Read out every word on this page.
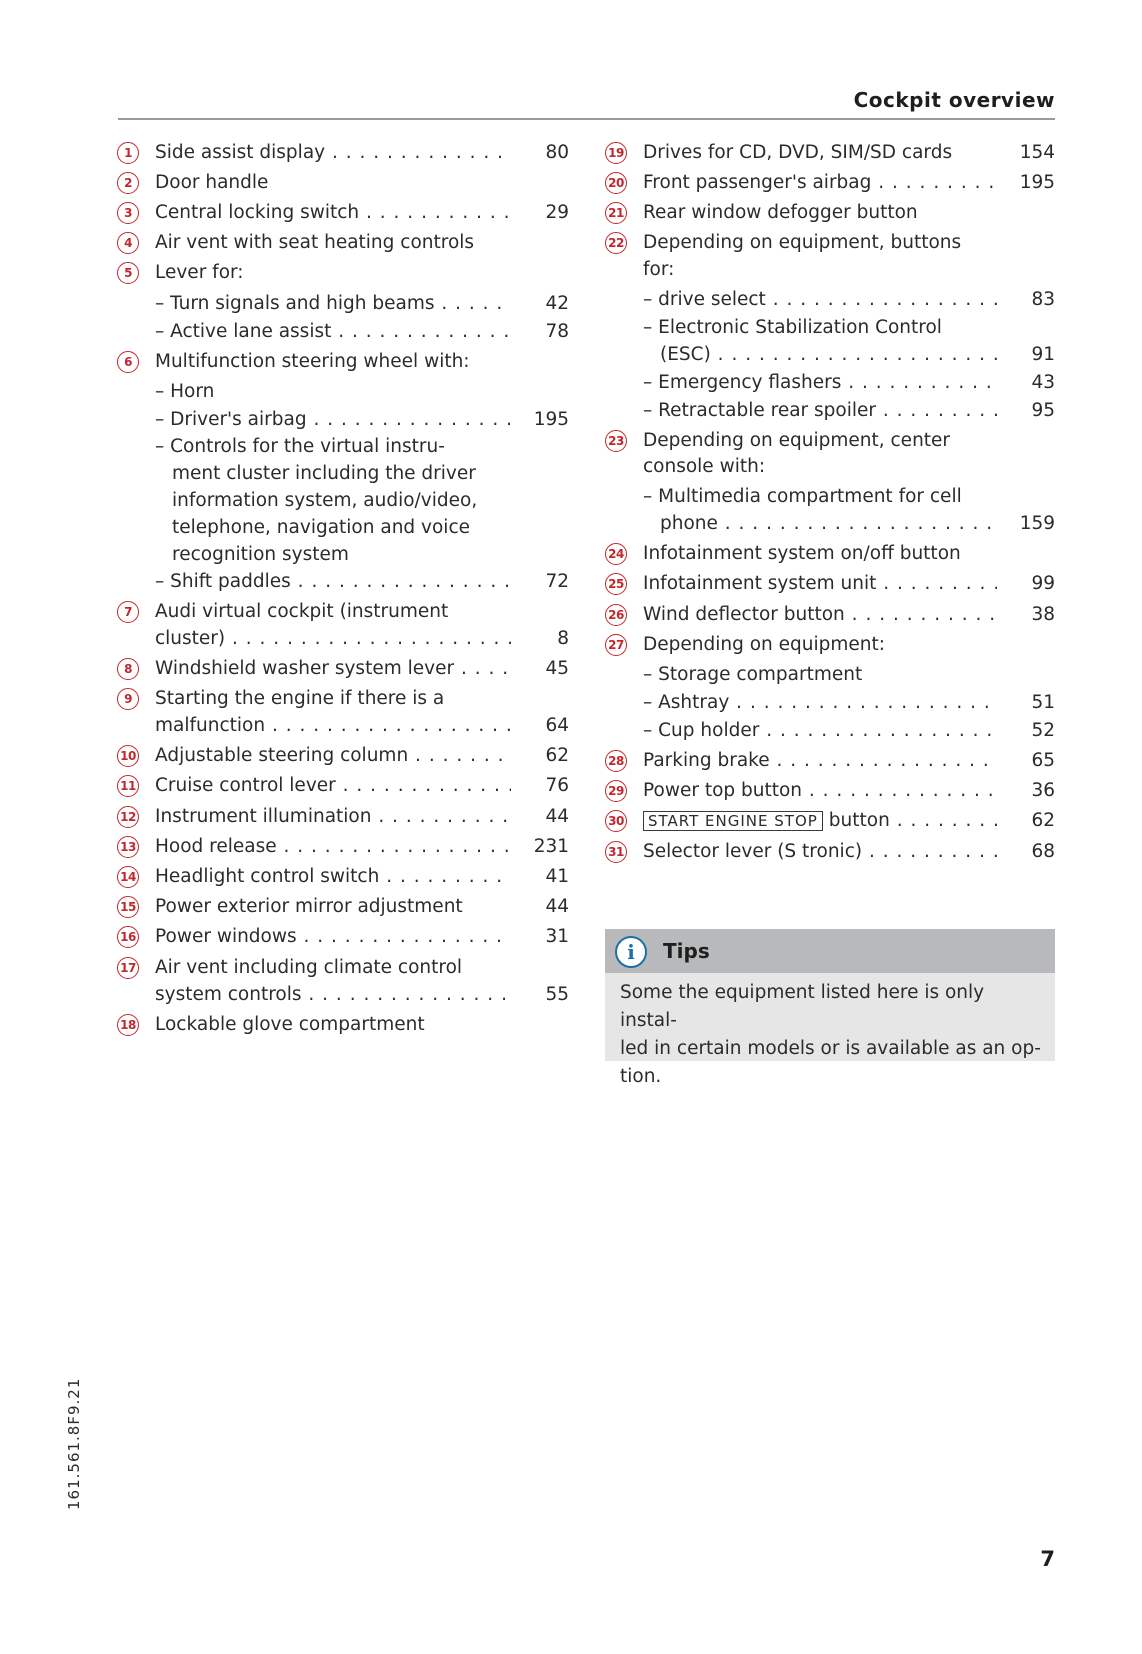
Cockpit overview
1	Side assist display . . .	80
2	Door handle
3	Central locking switch . . .	29
4	Air vent with seat heating controls
5	Lever for:
– Turn signals and high beams . . .	42
– Active lane assist . . .	78
6	Multifunction steering wheel with:
– Horn
– Driver's airbag . . .	195
– Controls for the virtual instru-
ment cluster including the driver
information system, audio/video,
telephone, navigation and voice
recognition system
– Shift paddles . . .	72
7	Audi virtual cockpit (instrument
cluster) . . .	8
8	Windshield washer system lever . . .	45
9	Starting the engine if there is a
malfunction . . .	64
10 Adjustable steering column . . .	62
11 Cruise control lever . . .	76
12 Instrument illumination . . .	44
13 Hood release . . .	231
14 Headlight control switch . . .	41
15 Power exterior mirror adjustment	44
16 Power windows . . .	31
17 Air vent including climate control
system controls . . .	55
18 Lockable glove compartment
19 Drives for CD, DVD, SIM/SD cards	154
20 Front passenger's airbag . . .	195
21 Rear window defogger button
22 Depending on equipment, buttons
for:
– drive select . . .	83
– Electronic Stabilization Control
(ESC) . . .	91
– Emergency flashers . . .	43
– Retractable rear spoiler . . .	95
23 Depending on equipment, center
console with:
– Multimedia compartment for cell
phone . . .	159
24 Infotainment system on/off button
25 Infotainment system unit . . .	99
26 Wind deflector button . . .	38
27 Depending on equipment:
– Storage compartment
– Ashtray . . .	51
– Cup holder . . .	52
28 Parking brake . . .	65
29 Power top button . . .	36
30	START ENGINE STOP button . . .	62
31 Selector lever (S tronic) . . .	68
i	Tips
Some the equipment listed here is only instal-
led in certain models or is available as an op-
tion.
161.561.8F9.21
7
